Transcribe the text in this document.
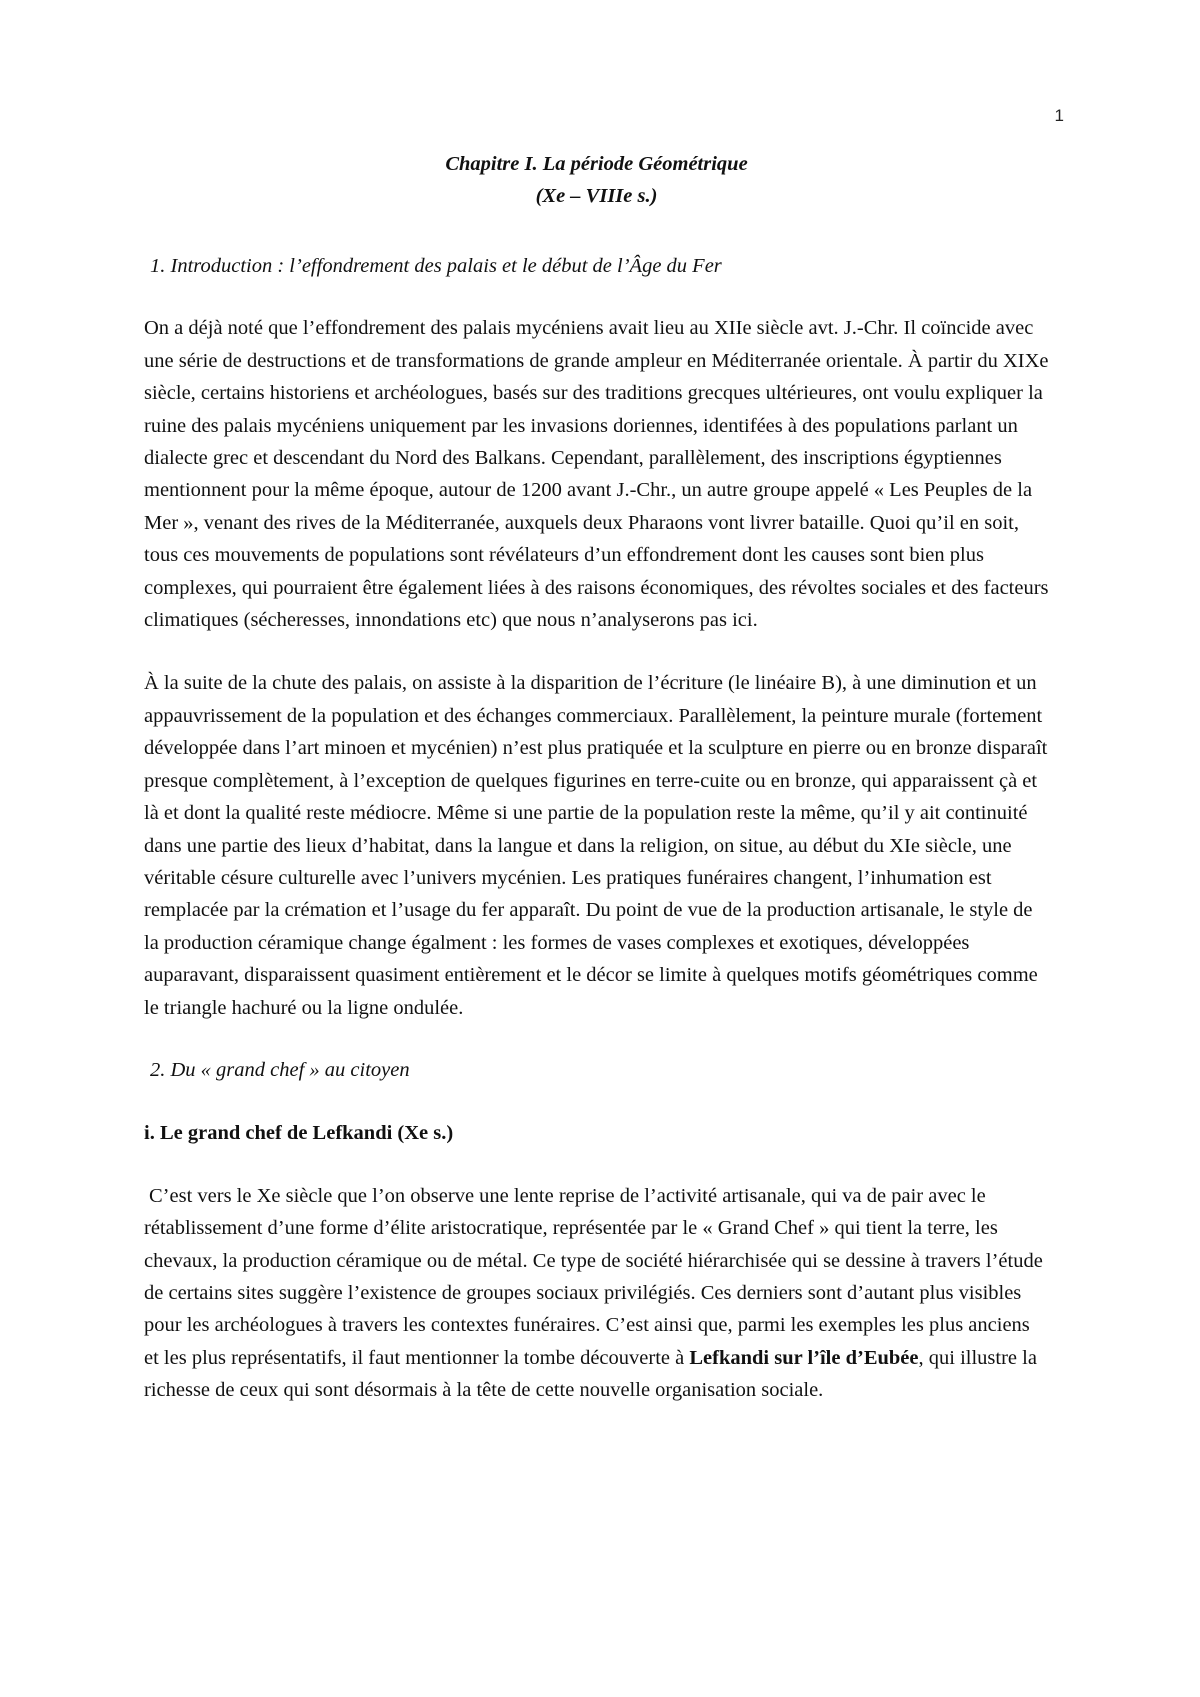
1
Chapitre I. La période Géométrique
(Xe – VIIIe s.)
1. Introduction : l’effondrement des palais et le début de l’Âge du Fer

On a déjà noté que l’effondrement des palais mycéniens avait lieu au XIIe siècle avt. J.-Chr. Il coïncide avec une série de destructions et de transformations de grande ampleur en Méditerranée orientale. À partir du XIXe siècle, certains historiens et archéologues, basés sur des traditions grecques ultérieures, ont voulu expliquer la ruine des palais mycéniens uniquement par les invasions doriennes, identifées à des populations parlant un dialecte grec et descendant du Nord des Balkans. Cependant, parallèlement, des inscriptions égyptiennes mentionnent pour la même époque, autour de 1200 avant J.-Chr., un autre groupe appelé « Les Peuples de la Mer », venant des rives de la Méditerranée, auxquels deux Pharaons vont livrer bataille. Quoi qu’il en soit, tous ces mouvements de populations sont révélateurs d’un effondrement dont les causes sont bien plus complexes, qui pourraient être également liées à des raisons économiques, des révoltes sociales et des facteurs climatiques (sécheresses, innondations etc) que nous n’analyserons pas ici.

À la suite de la chute des palais, on assiste à la disparition de l’écriture (le linéaire B), à une diminution et un appauvrissement de la population et des échanges commerciaux. Parallèlement, la peinture murale (fortement développée dans l’art minoen et mycénien) n’est plus pratiquée et la sculpture en pierre ou en bronze disparaît presque complètement, à l’exception de quelques figurines en terre-cuite ou en bronze, qui apparaissent çà et là et dont la qualité reste médiocre. Même si une partie de la population reste la même, qu’il y ait continuité dans une partie des lieux d’habitat, dans la langue et dans la religion, on situe, au début du XIe siècle, une véritable césure culturelle avec l’univers mycénien. Les pratiques funéraires changent, l’inhumation est remplacée par la crémation et l’usage du fer apparaît. Du point de vue de la production artisanale, le style de la production céramique change égalment : les formes de vases complexes et exotiques, développées auparavant, disparaissent quasiment entièrement et le décor se limite à quelques motifs géométriques comme le triangle hachuré ou la ligne ondulée.

2. Du « grand chef » au citoyen
i. Le grand chef de Lefkandi (Xe s.)

C’est vers le Xe siècle que l’on observe une lente reprise de l’activité artisanale, qui va de pair avec le rétablissement d’une forme d’élite aristocratique, représentée par le « Grand Chef » qui tient la terre, les chevaux, la production céramique ou de métal. Ce type de société hiérarchisée qui se dessine à travers l’étude de certains sites suggère l’existence de groupes sociaux privilégiés. Ces derniers sont d’autant plus visibles pour les archéologues à travers les contextes funéraires. C’est ainsi que, parmi les exemples les plus anciens et les plus représentatifs, il faut mentionner la tombe découverte à Lefkandi sur l’île d’Eubée, qui illustre la richesse de ceux qui sont désormais à la tête de cette nouvelle organisation sociale.
